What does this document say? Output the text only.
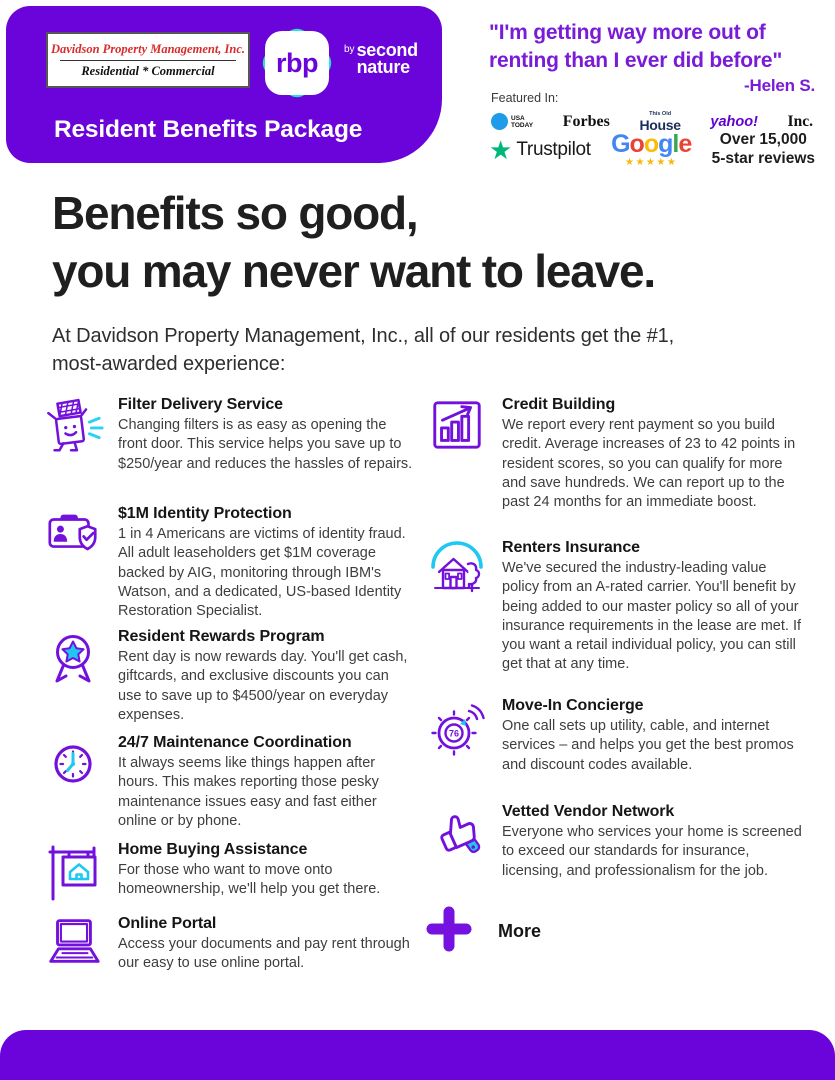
Davidson Property Management, Inc.
Residential * Commercial rbp	by second
nature
Resident Benefits Package
"I'm getting way more out of
renting than I ever did before"
-Helen S.
Featured In:
USA
TODAY Forbes	This Old
House yahoo! Inc.
★ Trustpilot Google
★★★★★
Over 15,000
5-star reviews
Benefits so good,
you may never want to leave.
At Davidson Property Management, Inc., all of our residents get the #1,
most-awarded experience:
Filter Delivery Service
Changing filters is as easy as opening the front door. This service helps you save up to $250/year and reduces the hassles of repairs.
$1M Identity Protection
1 in 4 Americans are victims of identity fraud. All adult leaseholders get $1M coverage backed by AIG, monitoring through IBM's Watson, and a dedicated, US-based Identity Restoration Specialist.
Resident Rewards Program
Rent day is now rewards day. You'll get cash, giftcards, and exclusive discounts you can use to save up to $4500/year on everyday expenses.
24/7 Maintenance Coordination
It always seems like things happen after hours. This makes reporting those pesky maintenance issues easy and fast either online or by phone.
Home Buying Assistance
For those who want to move onto homeownership, we'll help you get there.
Online Portal
Access your documents and pay rent through our easy to use online portal.
Credit Building
We report every rent payment so you build credit. Average increases of 23 to 42 points in resident scores, so you can qualify for more and save hundreds. We can report up to the past 24 months for an immediate boost.
Renters Insurance
We've secured the industry-leading value policy from an A-rated carrier. You'll benefit by being added to our master policy so all of your insurance requirements in the lease are met. If you want a retail individual policy, you can still get that at any time.
76
Move-In Concierge
One call sets up utility, cable, and internet services – and helps you get the best promos and discount codes available.
Vetted Vendor Network
Everyone who services your home is screened to exceed our standards for insurance, licensing, and professionalism for the job.
More
